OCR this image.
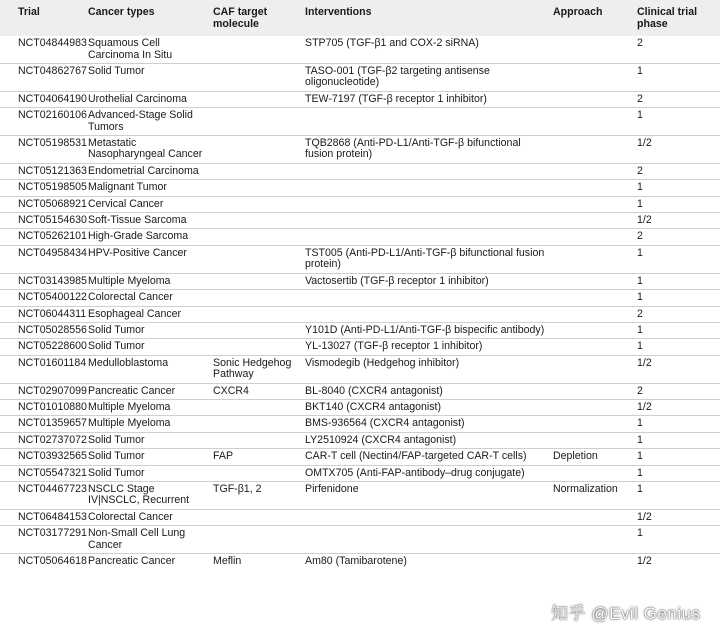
Trial	Cancer types	CAF target molecule	Interventions	Approach	Clinical trial phase
NCT04844983	Squamous Cell Carcinoma In Situ		STP705 (TGF-β1 and COX-2 siRNA)		2
NCT04862767	Solid Tumor		TASO-001 (TGF-β2 targeting antisense oligonucleotide)		1
NCT04064190	Urothelial Carcinoma		TEW-7197 (TGF-β receptor 1 inhibitor)		2
NCT02160106	Advanced-Stage Solid Tumors				1
NCT05198531	Metastatic Nasopharyngeal Cancer		TQB2868 (Anti-PD-L1/Anti-TGF-β bifunctional fusion protein)		1/2
NCT05121363	Endometrial Carcinoma				2
NCT05198505	Malignant Tumor				1
NCT05068921	Cervical Cancer				1
NCT05154630	Soft-Tissue Sarcoma				1/2
NCT05262101	High-Grade Sarcoma				2
NCT04958434	HPV-Positive Cancer		TST005 (Anti-PD-L1/Anti-TGF-β bifunctional fusion protein)		1
NCT03143985	Multiple Myeloma		Vactosertib (TGF-β receptor 1 inhibitor)		1
NCT05400122	Colorectal Cancer				1
NCT06044311	Esophageal Cancer				2
NCT05028556	Solid Tumor		Y101D (Anti-PD-L1/Anti-TGF-β bispecific antibody)		1
NCT05228600	Solid Tumor		YL-13027 (TGF-β receptor 1 inhibitor)		1
NCT01601184	Medulloblastoma	Sonic Hedgehog Pathway	Vismodegib (Hedgehog inhibitor)		1/2
NCT02907099	Pancreatic Cancer	CXCR4	BL-8040 (CXCR4 antagonist)		2
NCT01010880	Multiple Myeloma		BKT140 (CXCR4 antagonist)		1/2
NCT01359657	Multiple Myeloma		BMS-936564 (CXCR4 antagonist)		1
NCT02737072	Solid Tumor		LY2510924 (CXCR4 antagonist)		1
NCT03932565	Solid Tumor	FAP	CAR-T cell (Nectin4/FAP-targeted CAR-T cells)	Depletion	1
NCT05547321	Solid Tumor		OMTX705 (Anti-FAP-antibody–drug conjugate)		1
NCT04467723	NSCLC Stage IV|NSCLC, Recurrent	TGF-β1, 2	Pirfenidone	Normalization	1
NCT06484153	Colorectal Cancer				1/2
NCT03177291	Non-Small Cell Lung Cancer				1
NCT05064618	Pancreatic Cancer	Meflin	Am80 (Tamibarotene)		1/2
知乎 @Evil Genius
